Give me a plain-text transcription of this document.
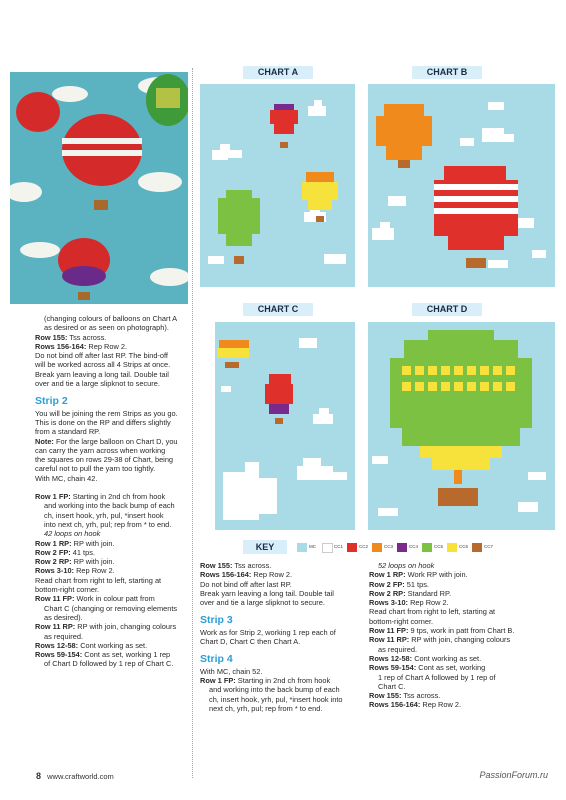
(changing colours of balloons on Chart A

as desired or as seen on photograph).

Row 155: Tss across.

Rows 156-164: Rep Row 2.

Do not bind off after last RP. The bind-off

will be worked across all 4 Strips at once.

Break yarn leaving a long tail. Double tail

over and tie a large slipknot to secure.

Strip 2

You will be joining the rem Strips as you go.

This is done on the RP and differs slightly

from a standard RP.

Note: For the large balloon on Chart D, you

can carry the yarn across when working

the squares on rows 29-38 of Chart, being

careful not to pull the yarn too tightly.

With MC, chain 42.

Row 1 FP: Starting in 2nd ch from hook

and working into the back bump of each

ch, insert hook, yrh, pul, *insert hook

into next ch, yrh, pul; rep from * to end.

42 loops on hook

Row 1 RP: RP with join.

Row 2 FP: 41 tps.

Row 2 RP: RP with join.

Rows 3-10: Rep Row 2.

Read chart from right to left, starting at

bottom-right corner.

Row 11 FP: Work in colour patt from

Chart C (changing or removing elements

as desired).

Row 11 RP: RP with join, changing colours

as required.

Rows 12-58: Cont working as set.

Rows 59-154: Cont as set, working 1 rep

of Chart D followed by 1 rep of Chart C.

CHART A	CHART B
CHART C	CHART D
KEY	MC	CC1	CC2	CC3	CC4	CC5	CC6	CC7

Row 155: Tss across.

Rows 156-164: Rep Row 2.

Do not bind off after last RP.

Break yarn leaving a long tail. Double tail

over and tie a large slipknot to secure.

Strip 3

Work as for Strip 2, working 1 rep each of

Chart D, Chart C then Chart A.

Strip 4

With MC, chain 52.

Row 1 FP: Starting in 2nd ch from hook

and working into the back bump of each

ch, insert hook, yrh, pul, *insert hook into

next ch, yrh, pul; rep from * to end.

52 loops on hook

Row 1 RP: Work RP with join.

Row 2 FP: 51 tps.

Row 2 RP: Standard RP.

Rows 3-10: Rep Row 2.

Read chart from right to left, starting at

bottom-right corner.

Row 11 FP: 9 tps, work in patt from Chart B.

Row 11 RP: RP with join, changing colours

as required.

Rows 12-58: Cont working as set.

Rows 59-154: Cont as set, working

1 rep of Chart A followed by 1 rep of

Chart C.

Row 155: Tss across.

Rows 156-164: Rep Row 2.

8 www.craftworld.com	PassionForum.ru
